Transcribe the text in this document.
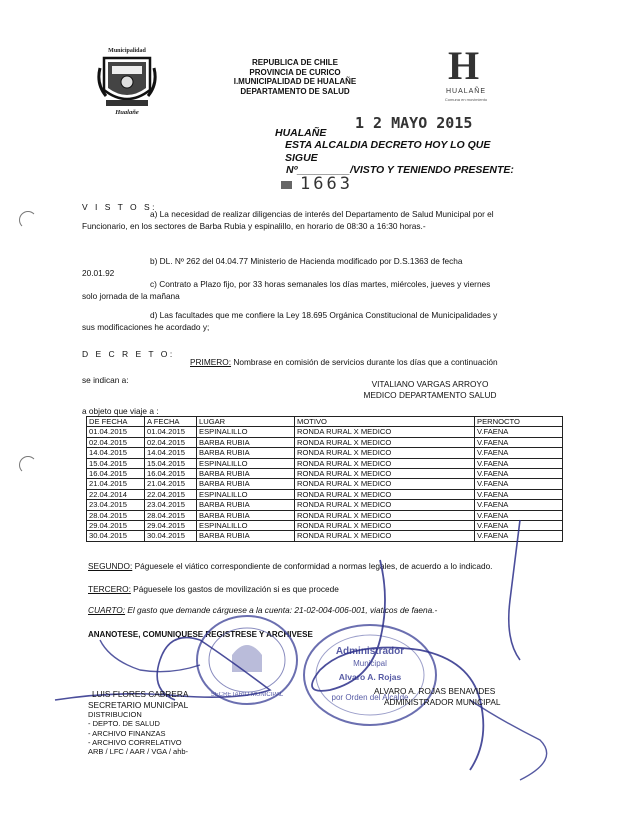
Municipalidad
Hualañe
REPUBLICA DE CHILE
PROVINCIA DE CURICO
I.MUNICIPALIDAD DE HUALAÑE
DEPARTAMENTO DE SALUD
H
HUALAÑE
Comuna en movimiento
1 2 MAYO 2015
HUALAÑE
ESTA ALCALDIA DECRETO HOY LO QUE
SIGUE
Nº_________/VISTO Y TENIENDO PRESENTE:
1663
V I S T O S:
a) La necesidad de realizar diligencias de interés del Departamento de Salud Municipal por el
Funcionario, en los sectores de Barba Rubia y espinalillo, en horario de 08:30 a 16:30 horas.-
b) DL. Nº 262 del 04.04.77 Ministerio de Hacienda modificado por D.S.1363 de fecha
20.01.92
c) Contrato a Plazo fijo, por 33 horas semanales los días martes, miércoles, jueves y viernes
solo jornada de la mañana
d) Las facultades que me confiere la Ley 18.695 Orgánica Constitucional de Municipalidades y
sus modificaciones he acordado y;
D E C R E T O:
PRIMERO: Nombrase en comisión de servicios durante los días que a continuación
se indican a:	VITALIANO VARGAS ARROYO
MEDICO DEPARTAMENTO SALUD
a objeto que viaje a :
DE FECHA	A FECHA	LUGAR	MOTIVO	PERNOCTO
01.04.2015	01.04.2015	ESPINALILLO	RONDA RURAL X MEDICO	V.FAENA
02.04.2015	02.04.2015	BARBA RUBIA	RONDA RURAL X MEDICO	V.FAENA
14.04.2015	14.04.2015	BARBA RUBIA	RONDA RURAL X MEDICO	V.FAENA
15.04.2015	15.04.2015	ESPINALILLO	RONDA RURAL X MEDICO	V.FAENA
16.04.2015	16.04.2015	BARBA RUBIA	RONDA RURAL X MEDICO	V.FAENA
21.04.2015	21.04.2015	BARBA RUBIA	RONDA RURAL X MEDICO	V.FAENA
22.04.2014	22.04.2015	ESPINALILLO	RONDA RURAL X MEDICO	V.FAENA
23.04.2015	23.04.2015	BARBA RUBIA	RONDA RURAL X MEDICO	V.FAENA
28.04.2015	28.04.2015	BARBA RUBIA	RONDA RURAL X MEDICO	V.FAENA
29.04.2015	29.04.2015	ESPINALILLO	RONDA RURAL X MEDICO	V.FAENA
30.04.2015	30.04.2015	BARBA RUBIA	RONDA RURAL X MEDICO	V.FAENA
SEGUNDO: Páguesele el viático correspondiente de conformidad a normas legales, de acuerdo a lo indicado.
TERCERO: Páguesele los gastos de movilización si es que procede
CUARTO: El gasto que demande cárguese a la cuenta: 21-02-004-006-001, viaticos de faena.-
ANANOTESE, COMUNIQUESE REGISTRESE Y ARCHIVESE
SECRETARIO MUNICIPAL
Administrador
Municipal
Alvaro A. Rojas
por Orden del Alcalde
LUIS FLORES CABRERA
SECRETARIO MUNICIPAL
ALVARO A. ROJAS BENAVIDES
ADMINISTRADOR MUNICIPAL
DISTRIBUCION
- DEPTO. DE SALUD
- ARCHIVO FINANZAS
- ARCHIVO CORRELATIVO
ARB / LFC / AAR / VGA / ahb-
